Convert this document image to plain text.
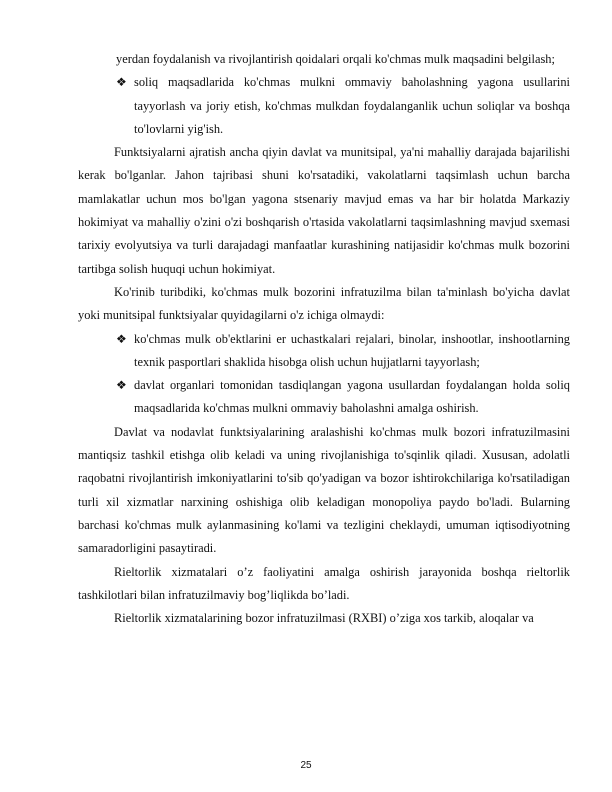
yerdan foydalanish va rivojlantirish qoidalari orqali ko'chmas mulk maqsadini belgilash;

❖ soliq maqsadlarida ko'chmas mulkni ommaviy baholashning yagona usullarini tayyorlash va joriy etish, ko'chmas mulkdan foydalanganlik uchun soliqlar va boshqa to'lovlarni yig'ish.

Funktsiyalarni ajratish ancha qiyin davlat va munitsipal, ya'ni mahalliy darajada bajarilishi kerak bo'lganlar. Jahon tajribasi shuni ko'rsatadiki, vakolatlarni taqsimlash uchun barcha mamlakatlar uchun mos bo'lgan yagona stsenariy mavjud emas va har bir holatda Markaziy hokimiyat va mahalliy o'zini o'zi boshqarish o'rtasida vakolatlarni taqsimlashning mavjud sxemasi tarixiy evolyutsiya va turli darajadagi manfaatlar kurashining natijasidir ko'chmas mulk bozorini tartibga solish huquqi uchun hokimiyat.

Ko'rinib turibdiki, ko'chmas mulk bozorini infratuzilma bilan ta'minlash bo'yicha davlat yoki munitsipal funktsiyalar quyidagilarni o'z ichiga olmaydi:

❖ ko'chmas mulk ob'ektlarini er uchastkalari rejalari, binolar, inshootlar, inshootlarning texnik pasportlari shaklida hisobga olish uchun hujjatlarni tayyorlash;
❖ davlat organlari tomonidan tasdiqlangan yagona usullardan foydalangan holda soliq maqsadlarida ko'chmas mulkni ommaviy baholashni amalga oshirish.

Davlat va nodavlat funktsiyalarining aralashishi ko'chmas mulk bozori infratuzilmasini mantiqsiz tashkil etishga olib keladi va uning rivojlanishiga to'sqinlik qiladi. Xususan, adolatli raqobatni rivojlantirish imkoniyatlarini to'sib qo'yadigan va bozor ishtirokchilariga ko'rsatiladigan turli xil xizmatlar narxining oshishiga olib keladigan monopoliya paydo bo'ladi. Bularning barchasi ko'chmas mulk aylanmasining ko'lami va tezligini cheklaydi, umuman iqtisodiyotning samaradorligini pasaytiradi.

Rieltorlik xizmatalari o’z faoliyatini amalga oshirish jarayonida boshqa rieltorlik tashkilotlari bilan infratuzilmaviy bog’liqlikda bo’ladi.

Rieltorlik xizmatalarining bozor infratuzilmasi (RXBI) o’ziga xos tarkib, aloqalar va

25
